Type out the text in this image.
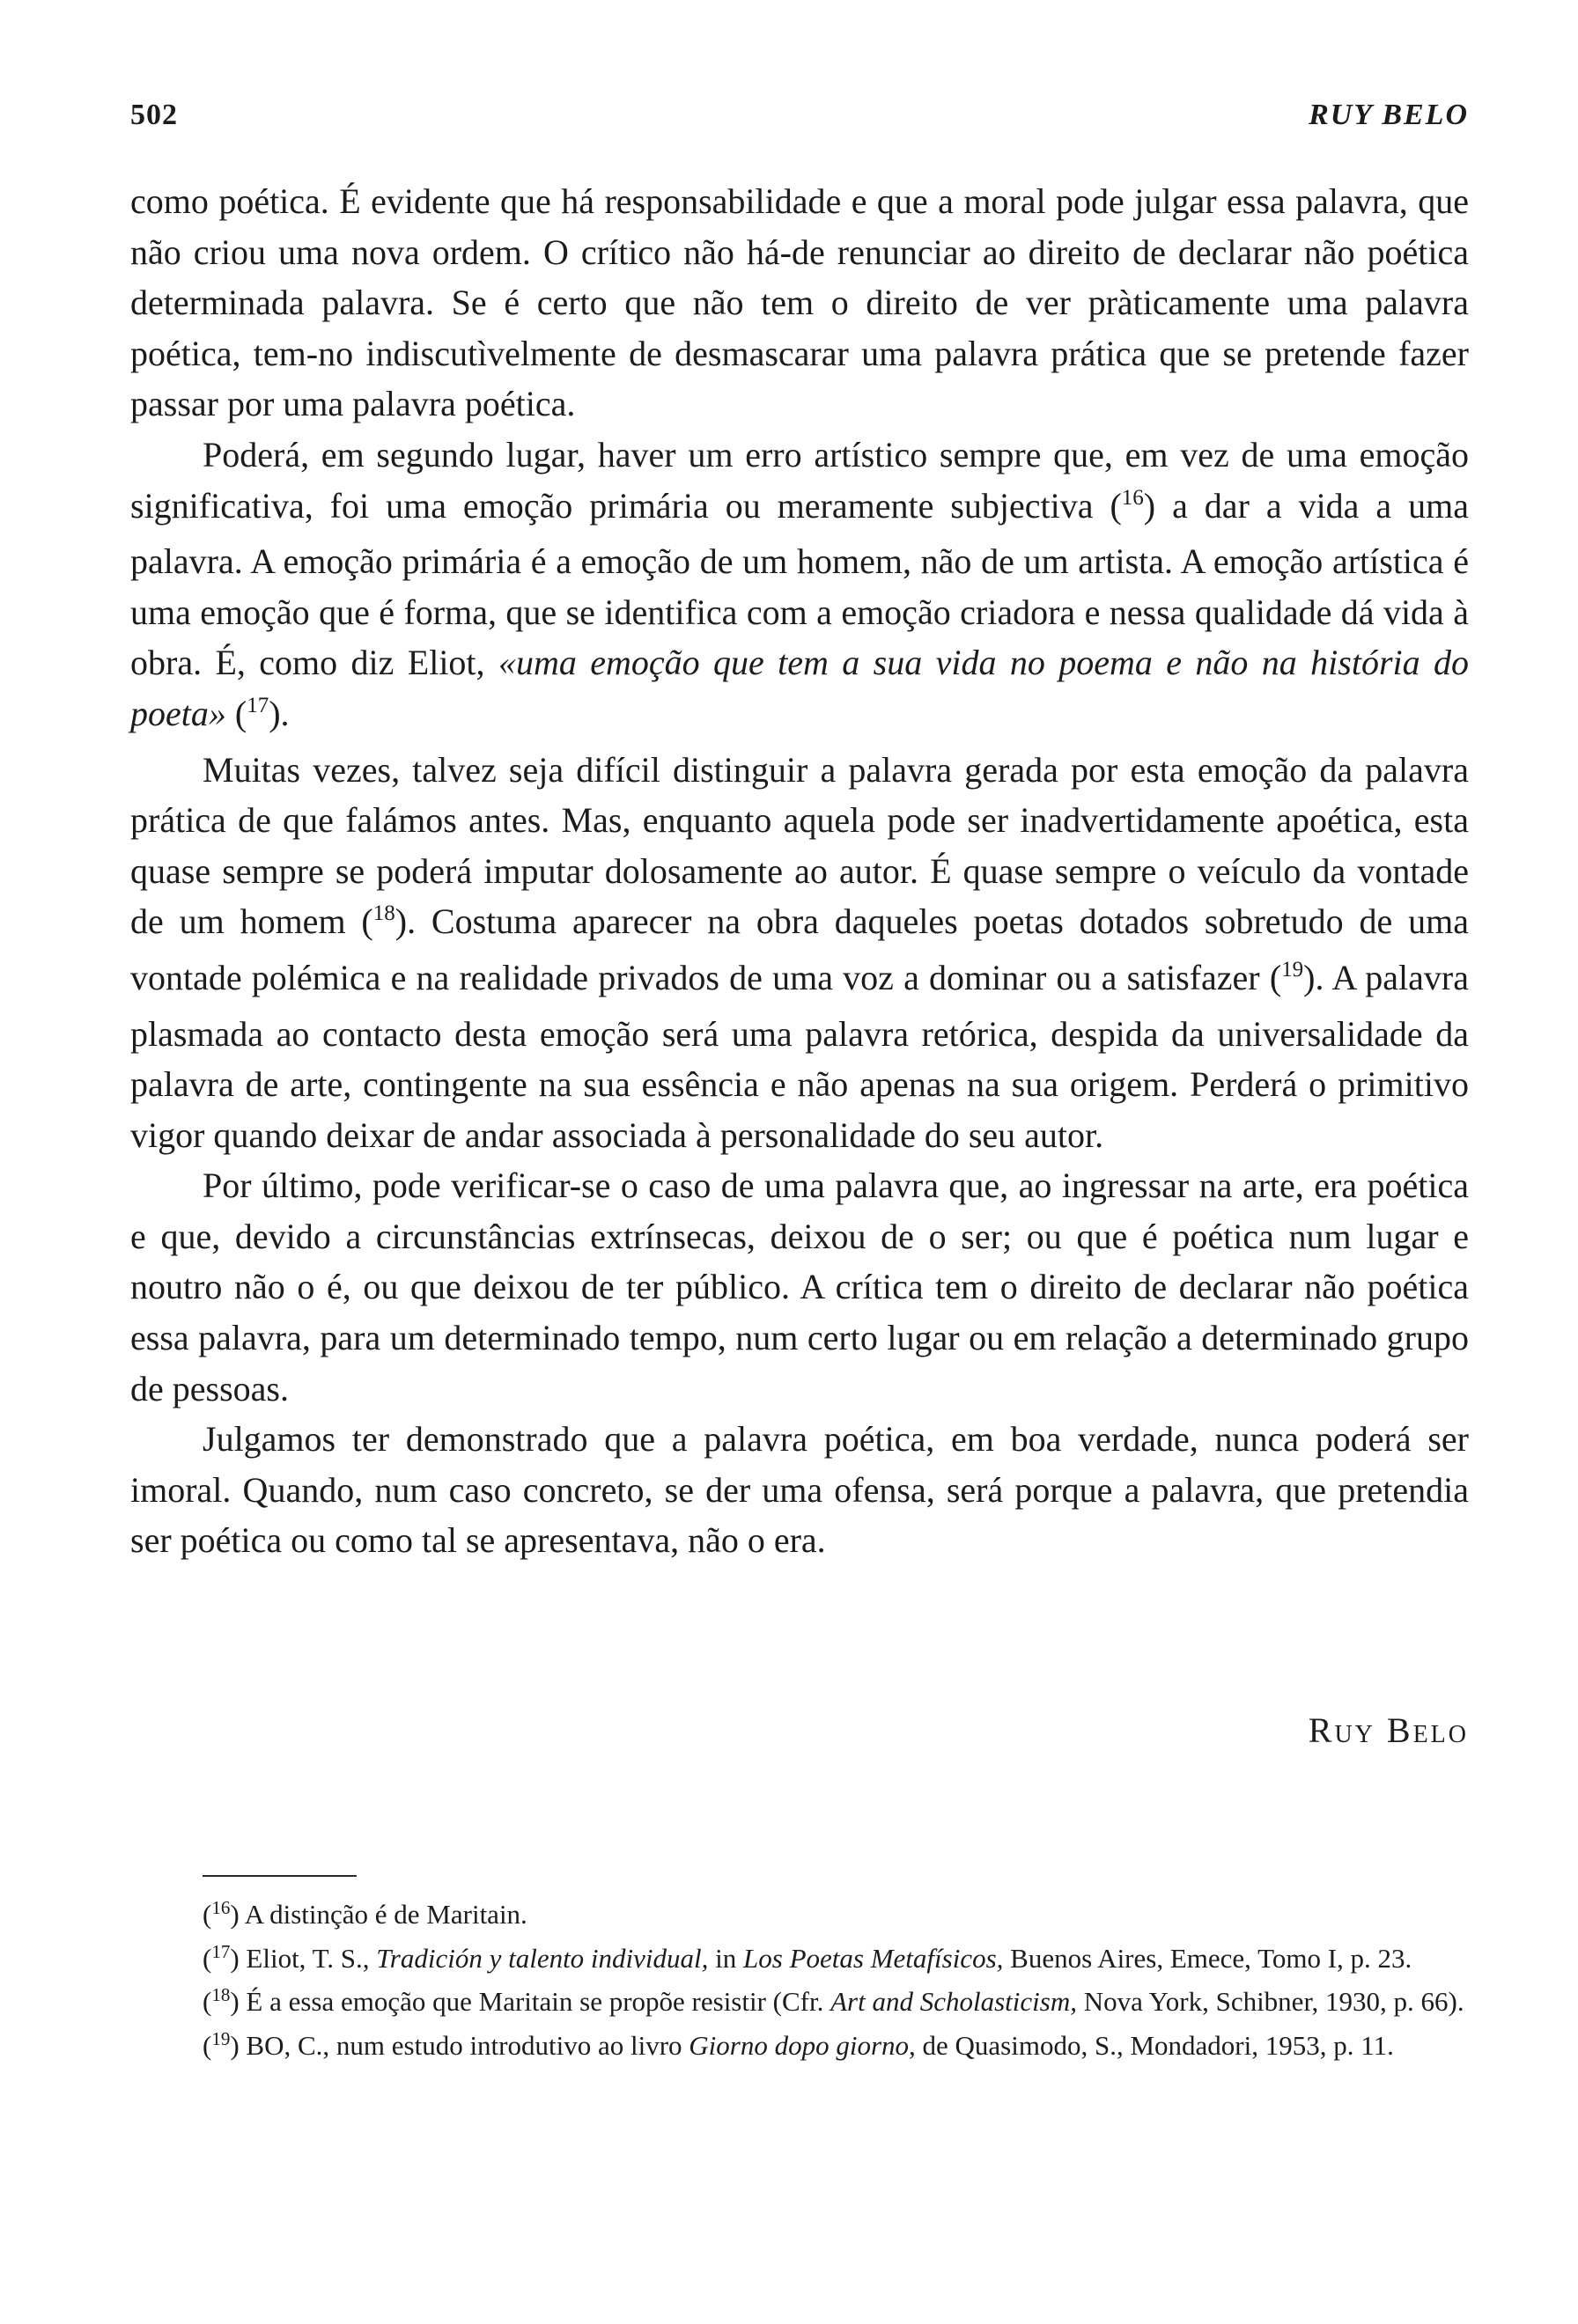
502	RUY BELO

como poética. É evidente que há responsabilidade e que a moral pode julgar essa palavra, que não criou uma nova ordem. O crítico não há-de renunciar ao direito de declarar não poética determinada palavra. Se é certo que não tem o direito de ver pràticamente uma palavra poética, tem-no indiscutìvelmente de desmascarar uma palavra prática que se pretende fazer passar por uma palavra poética.

Poderá, em segundo lugar, haver um erro artístico sempre que, em vez de uma emoção significativa, foi uma emoção primária ou meramente subjectiva ($^{16}$) a dar a vida a uma palavra. A emoção primária é a emoção de um homem, não de um artista. A emoção artística é uma emoção que é forma, que se identifica com a emoção criadora e nessa qualidade dá vida à obra. É, como diz Eliot, «uma emoção que tem a sua vida no poema e não na história do poeta» ($^{17}$).

Muitas vezes, talvez seja difícil distinguir a palavra gerada por esta emoção da palavra prática de que falámos antes. Mas, enquanto aquela pode ser inadvertidamente apoética, esta quase sempre se poderá imputar dolosamente ao autor. É quase sempre o veículo da vontade de um homem ($^{18}$). Costuma aparecer na obra daqueles poetas dotados sobretudo de uma vontade polémica e na realidade privados de uma voz a dominar ou a satisfazer ($^{19}$). A palavra plasmada ao contacto desta emoção será uma palavra retórica, despida da universalidade da palavra de arte, contingente na sua essência e não apenas na sua origem. Perderá o primitivo vigor quando deixar de andar associada à personalidade do seu autor.

Por último, pode verificar-se o caso de uma palavra que, ao ingressar na arte, era poética e que, devido a circunstâncias extrínsecas, deixou de o ser; ou que é poética num lugar e noutro não o é, ou que deixou de ter público. A crítica tem o direito de declarar não poética essa palavra, para um determinado tempo, num certo lugar ou em relação a determinado grupo de pessoas.

Julgamos ter demonstrado que a palavra poética, em boa verdade, nunca poderá ser imoral. Quando, num caso concreto, se der uma ofensa, será porque a palavra, que pretendia ser poética ou como tal se apresentava, não o era.

Ruy Belo

($^{16}$) A distinção é de Maritain.

($^{17}$) Eliot, T. S., Tradición y talento individual, in Los Poetas Metafísicos, Buenos Aires, Emece, Tomo I, p. 23.

($^{18}$) É a essa emoção que Maritain se propõe resistir (Cfr. Art and Scholasticism, Nova York, Schibner, 1930, p. 66).

($^{19}$) BO, C., num estudo introdutivo ao livro Giorno dopo giorno, de Quasimodo, S., Mondadori, 1953, p. 11.
